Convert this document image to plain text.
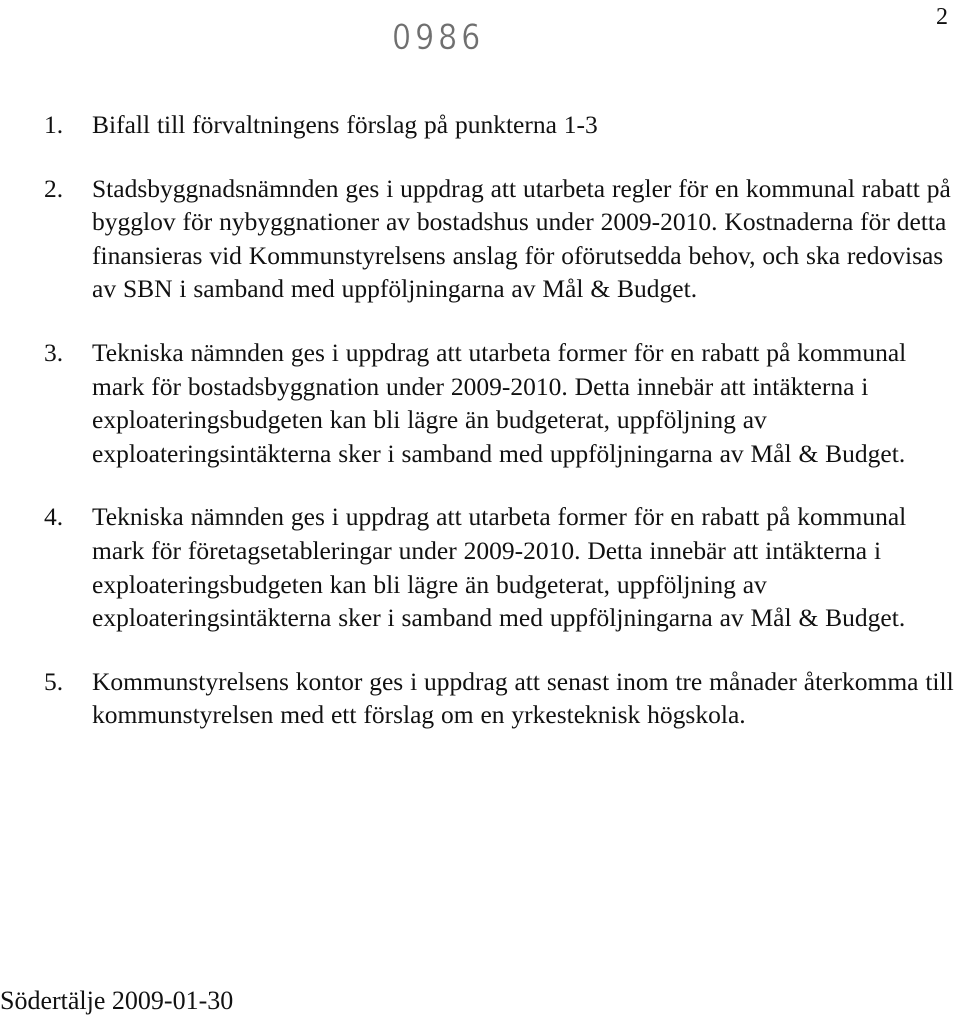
2
0986
1.	Bifall till förvaltningens förslag på punkterna 1-3
2.	Stadsbyggnadsnämnden ges i uppdrag att utarbeta regler för en kommunal rabatt på bygglov för nybyggnationer av bostadshus under 2009-2010. Kostnaderna för detta finansieras vid Kommunstyrelsens anslag för oförutsedda behov, och ska redovisas av SBN i samband med uppföljningarna av Mål & Budget.
3.	Tekniska nämnden ges i uppdrag att utarbeta former för en rabatt på kommunal mark för bostadsbyggnation under 2009-2010. Detta innebär att intäkterna i exploateringsbudgeten kan bli lägre än budgeterat, uppföljning av exploateringsintäkterna sker i samband med uppföljningarna av Mål & Budget.
4.	Tekniska nämnden ges i uppdrag att utarbeta former för en rabatt på kommunal mark för företagsetableringar under 2009-2010. Detta innebär att intäkterna i exploateringsbudgeten kan bli lägre än budgeterat, uppföljning av exploateringsintäkterna sker i samband med uppföljningarna av Mål & Budget.
5.	Kommunstyrelsens kontor ges i uppdrag att senast inom tre månader återkomma till kommunstyrelsen med ett förslag om en yrkesteknisk högskola.
Södertälje 2009-01-30
